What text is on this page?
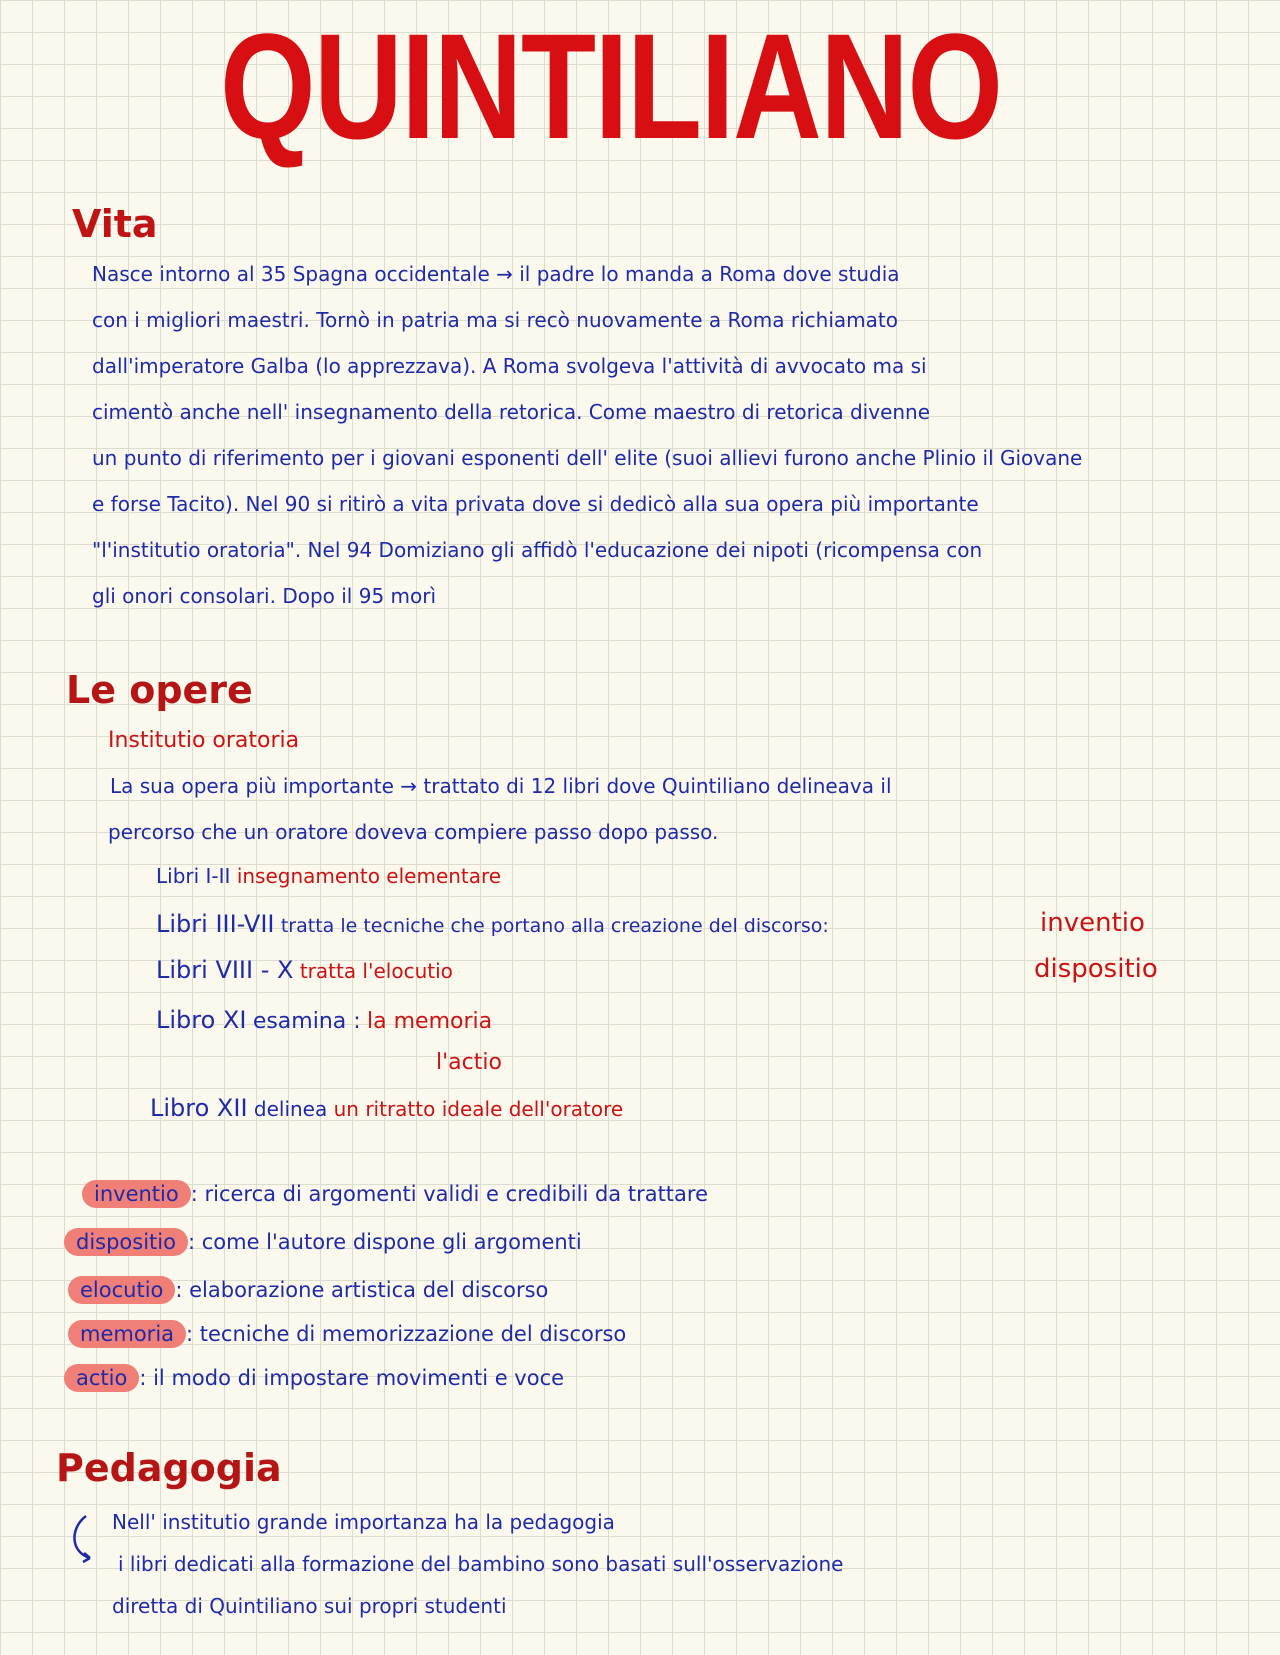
QUINTILIANO
Vita
Nasce intorno al 35 Spagna occidentale → il padre lo manda a Roma dove studia
con i migliori maestri. Tornò in patria ma si recò nuovamente a Roma richiamato
dall'imperatore Galba (lo apprezzava). A Roma svolgeva l'attività di avvocato ma si
cimentò anche nell' insegnamento della retorica. Come maestro di retorica divenne
un punto di riferimento per i giovani esponenti dell' elite (suoi allievi furono anche Plinio il Giovane
e forse Tacito). Nel 90 si ritirò a vita privata dove si dedicò alla sua opera più importante
"l'institutio oratoria". Nel 94 Domiziano gli affidò l'educazione dei nipoti (ricompensa con
gli onori consolari. Dopo il 95 morì
Le opere
Institutio oratoria
La sua opera più importante → trattato di 12 libri dove Quintiliano delineava il
percorso che un oratore doveva compiere passo dopo passo.
Libri I-II insegnamento elementare
Libri III-VII tratta le tecniche che portano alla creazione del discorso:
Libri VIII - X tratta l'elocutio
Libro XI esamina : la memoria
l'actio
Libro XII delinea un ritratto ideale dell'oratore
inventio
dispositio
inventio : ricerca di argomenti validi e credibili da trattare
dispositio : come l'autore dispone gli argomenti
elocutio : elaborazione artistica del discorso
memoria : tecniche di memorizzazione del discorso
actio : il modo di impostare movimenti e voce
Pedagogia
Nell' institutio grande importanza ha la pedagogia
i libri dedicati alla formazione del bambino sono basati sull'osservazione
diretta di Quintiliano sui propri studenti
